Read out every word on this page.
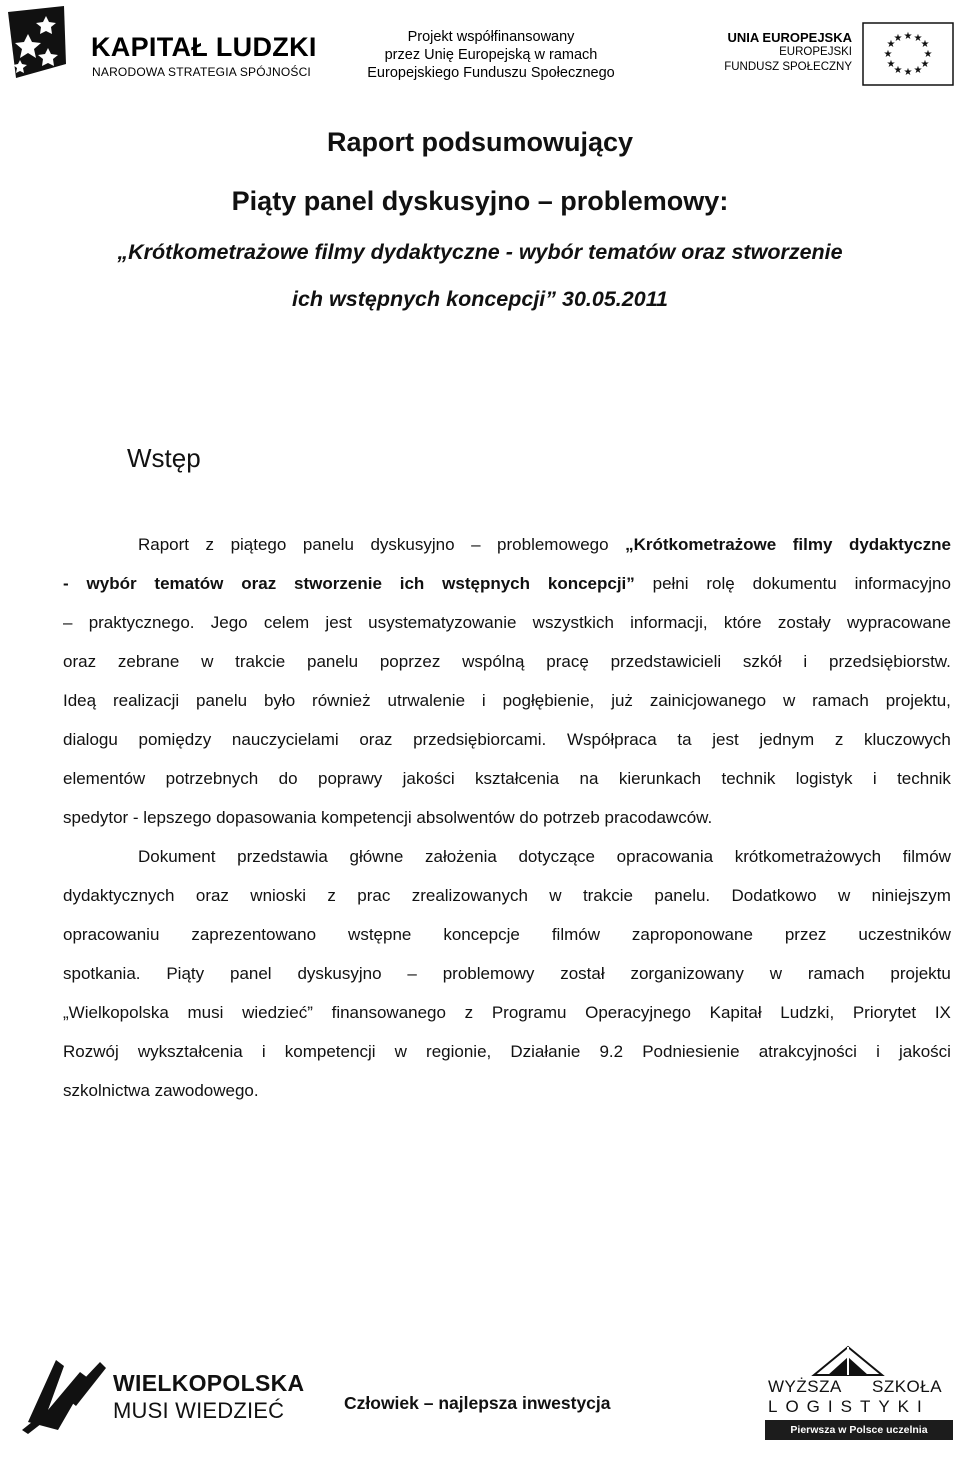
KAPITAŁ LUDZKI
NARODOWA STRATEGIA SPÓJNOŚCI
Projekt współfinansowany
przez Unię Europejską w ramach
Europejskiego Funduszu Społecznego
UNIA EUROPEJSKA
EUROPEJSKI
FUNDUSZ SPOŁECZNY
★ ★
★
★
★
★
★
★
★
★
★
★
Raport podsumowujący
Piąty panel dyskusyjno – problemowy:
„Krótkometrażowe filmy dydaktyczne - wybór tematów oraz stworzenie
ich wstępnych koncepcji” 30.05.2011
Wstęp
Raport z piątego panelu dyskusyjno – problemowego „Krótkometrażowe filmy dydaktyczne
- wybór tematów oraz stworzenie ich wstępnych koncepcji” pełni rolę dokumentu informacyjno
– praktycznego. Jego celem jest usystematyzowanie wszystkich informacji, które zostały wypracowane
oraz zebrane w trakcie panelu poprzez wspólną pracę przedstawicieli szkół i przedsiębiorstw.
Ideą realizacji panelu było również utrwalenie i pogłębienie, już zainicjowanego w ramach projektu,
dialogu pomiędzy nauczycielami oraz przedsiębiorcami. Współpraca ta jest jednym z kluczowych
elementów potrzebnych do poprawy jakości kształcenia na kierunkach technik logistyk i technik
spedytor - lepszego dopasowania kompetencji absolwentów do potrzeb pracodawców.
Dokument przedstawia główne założenia dotyczące opracowania krótkometrażowych filmów
dydaktycznych oraz wnioski z prac zrealizowanych w trakcie panelu. Dodatkowo w niniejszym
opracowaniu zaprezentowano wstępne koncepcje filmów zaproponowane przez uczestników
spotkania. Piąty panel dyskusyjno – problemowy został zorganizowany w ramach projektu
„Wielkopolska musi wiedzieć” finansowanego z Programu Operacyjnego Kapitał Ludzki, Priorytet IX
Rozwój wykształcenia i kompetencji w regionie, Działanie 9.2 Podniesienie atrakcyjności i jakości
szkolnictwa zawodowego.
WIELKOPOLSKA
MUSI WIEDZIEĆ	Człowiek – najlepsza inwestycja
WYŻSZA SZKOŁA
LOGISTYKI
Pierwsza w Polsce uczelnia logistyczna
